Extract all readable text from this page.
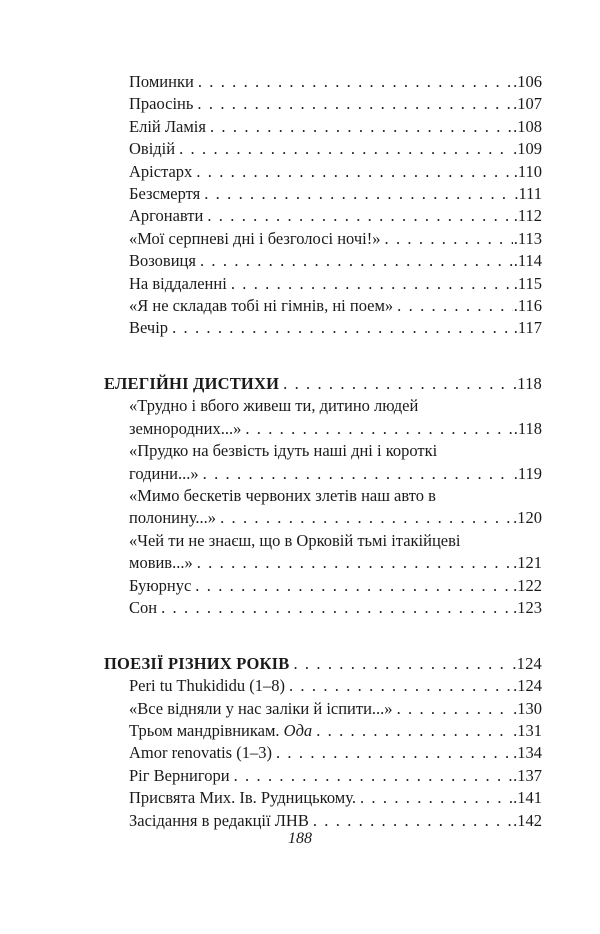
Поминки . . .	.106
Праосінь . . .	.107
Елій Ламія . . .	.108
Овідій . . .	.109
Арістарх . . .	.110
Безсмертя . . .	.111
Аргонавти . . .	.112
«Мої серпневі дні і безголосі ночі!» . . .	.113
Возовиця . . .	.114
На віддаленні . . .	.115
«Я не складав тобі ні гімнів, ні поем» . . .	.116
Вечір . . .	.117
ЕЛЕГІЙНІ ДИСТИХИ . . .	.118
«Трудно і вбого живеш ти, дитино людей
земнородних...» . . .	.118
«Прудко на безвість ідуть наші дні і короткі
години...» . . .	.119
«Мимо бескетів червоних злетів наш авто в
полонину...» . . .	.120
«Чей ти не знаєш, що в Орковій тьмі ітакійцеві
мовив...» . . .	.121
Буюрнус . . .	.122
Сон . . .	.123
ПОЕЗІЇ РІЗНИХ РОКІВ . . .	.124
Peri tu Thukididu (1–8) . . .	.124
«Все відняли у нас заліки й іспити...» . . .	.130
Трьом мандрівникам. Ода . . .	.131
Amor renovatis (1–3) . . .	.134
Ріг Вернигори . . .	.137
Присвята Мих. Ів. Рудницькому. . . .	.141
Засідання в редакції ЛНВ . . .	.142
188
